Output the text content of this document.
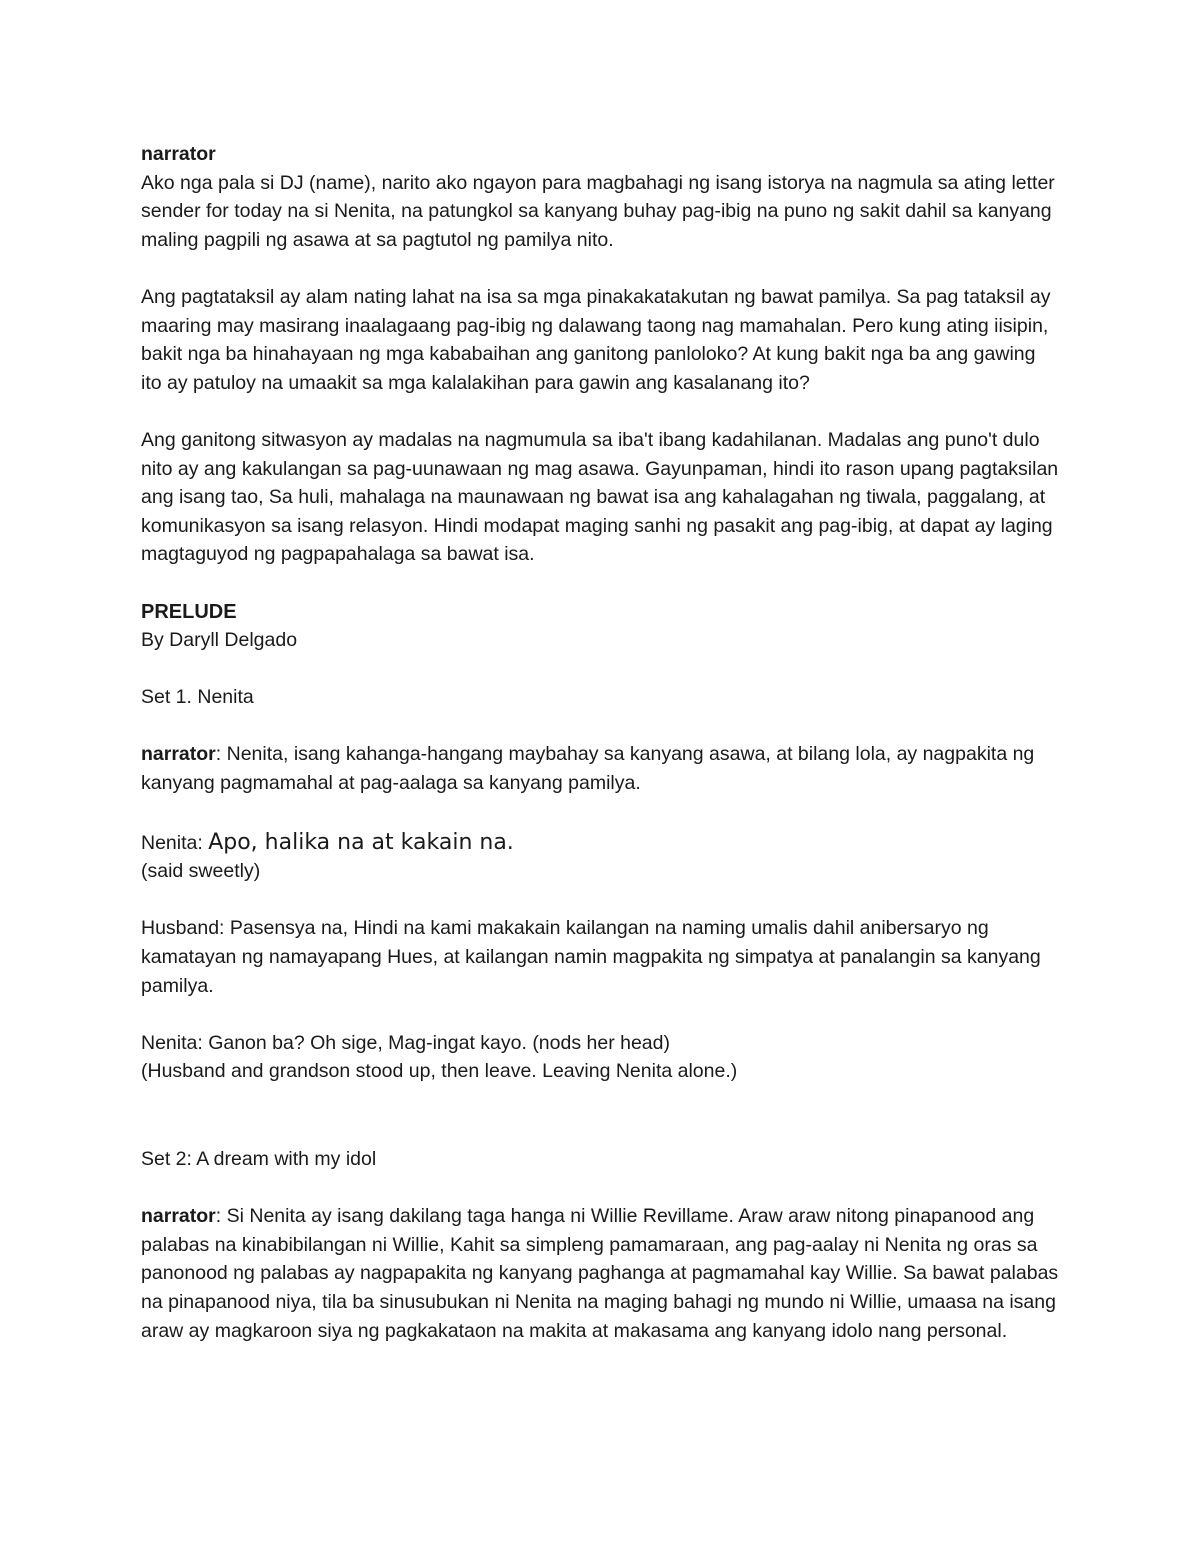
narrator

Ako nga pala si DJ (name), narito ako ngayon para magbahagi ng isang istorya na nagmula sa ating letter sender for today na si Nenita, na patungkol sa kanyang buhay pag-ibig na puno ng sakit dahil sa kanyang maling pagpili ng asawa at sa pagtutol ng pamilya nito.

Ang pagtataksil ay alam nating lahat na isa sa mga pinakakatakutan ng bawat pamilya. Sa pag tataksil ay maaring may masirang inaalagaang pag-ibig ng dalawang taong nag mamahalan. Pero kung ating iisipin, bakit nga ba hinahayaan ng mga kababaihan ang ganitong panloloko? At kung bakit nga ba ang gawing ito ay patuloy na umaakit sa mga kalalakihan para gawin ang kasalanang ito?

Ang ganitong sitwasyon ay madalas na nagmumula sa iba't ibang kadahilanan. Madalas ang puno't dulo nito ay ang kakulangan sa pag-uunawaan ng mag asawa. Gayunpaman, hindi ito rason upang pagtaksilan ang isang tao, Sa huli, mahalaga na maunawaan ng bawat isa ang kahalagahan ng tiwala, paggalang, at komunikasyon sa isang relasyon. Hindi modapat maging sanhi ng pasakit ang pag-ibig, at dapat ay laging magtaguyod ng pagpapahalaga sa bawat isa.

PRELUDE

By Daryll Delgado

Set 1. Nenita

narrator: Nenita, isang kahanga-hangang maybahay sa kanyang asawa, at bilang lola, ay nagpakita ng kanyang pagmamahal at pag-aalaga sa kanyang pamilya.

Nenita: Apo, halika na at kakain na.

(said sweetly)

Husband: Pasensya na, Hindi na kami makakain kailangan na naming umalis dahil anibersaryo ng kamatayan ng namayapang Hues, at kailangan namin magpakita ng simpatya at panalangin sa kanyang pamilya.

Nenita: Ganon ba? Oh sige, Mag-ingat kayo. (nods her head)

(Husband and grandson stood up, then leave. Leaving Nenita alone.)

Set 2: A dream with my idol

narrator: Si Nenita ay isang dakilang taga hanga ni Willie Revillame. Araw araw nitong pinapanood ang palabas na kinabibilangan ni Willie, Kahit sa simpleng pamamaraan, ang pag-aalay ni Nenita ng oras sa panonood ng palabas ay nagpapakita ng kanyang paghanga at pagmamahal kay Willie. Sa bawat palabas na pinapanood niya, tila ba sinusubukan ni Nenita na maging bahagi ng mundo ni Willie, umaasa na isang araw ay magkaroon siya ng pagkakataon na makita at makasama ang kanyang idolo nang personal.
